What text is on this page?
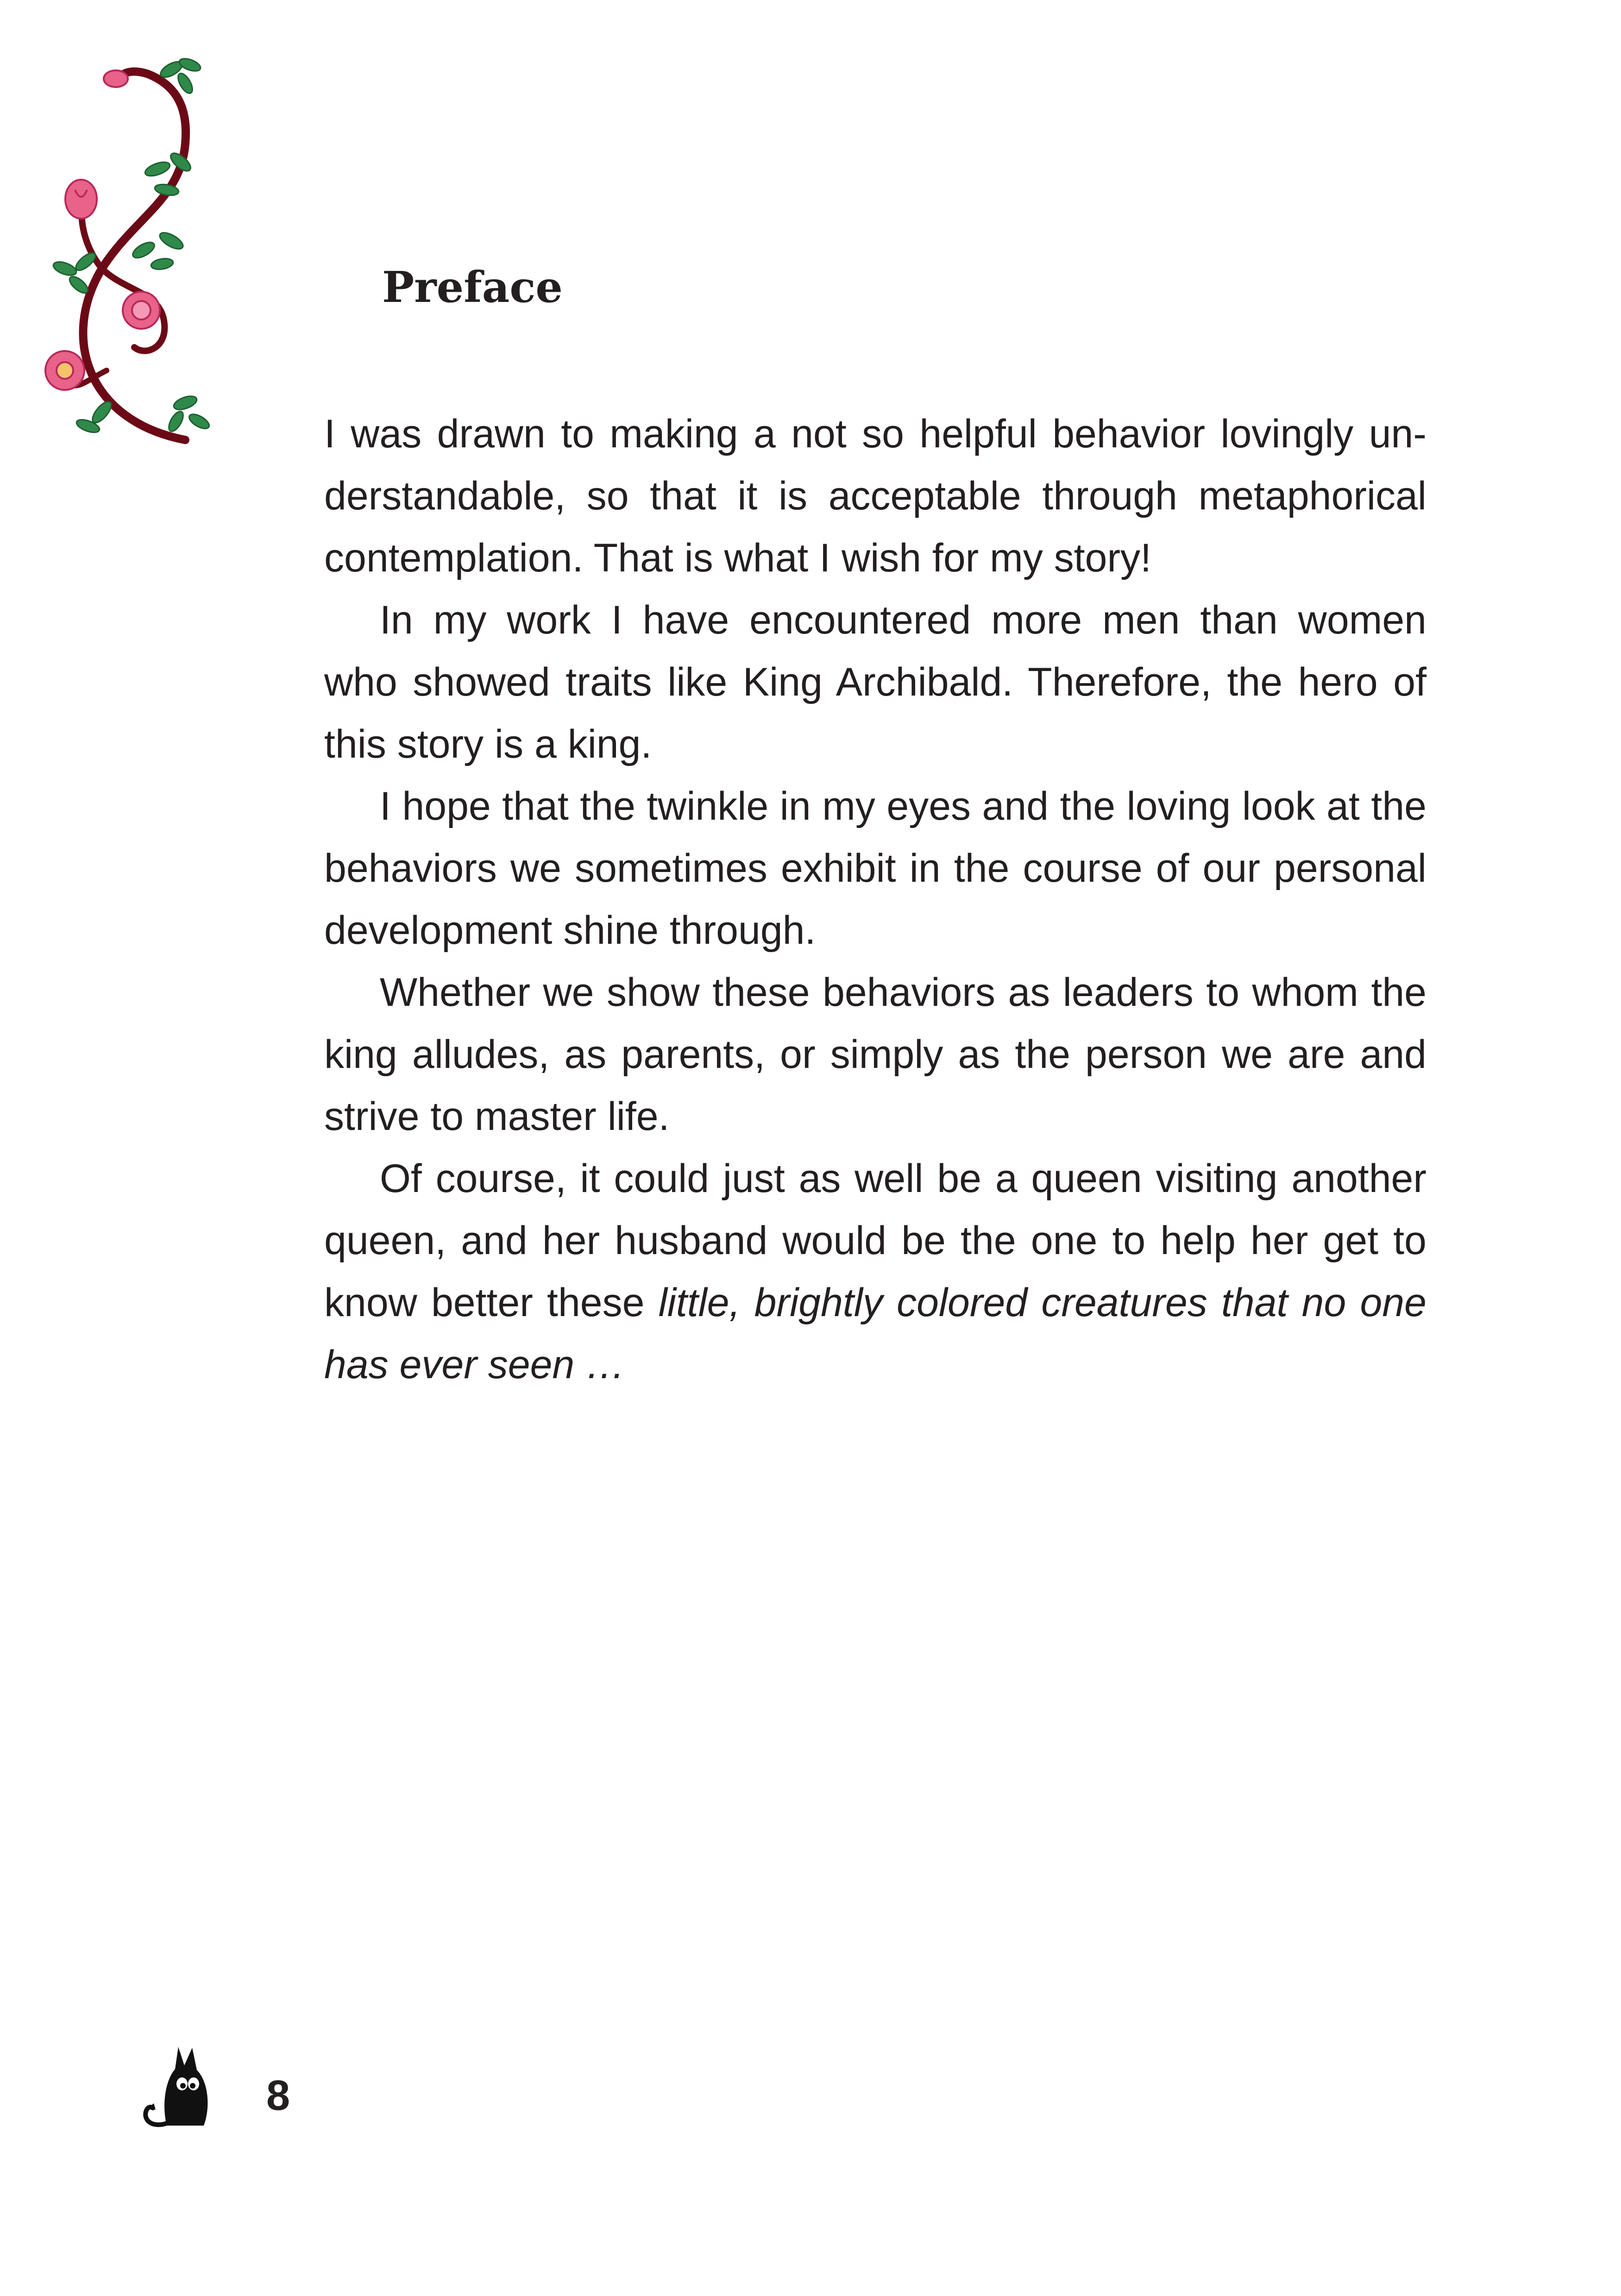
Preface

I was drawn to making a not so helpful behavior lovingly understandable, so that it is acceptable through metaphorical contemplation. That is what I wish for my story!

In my work I have encountered more men than women who showed traits like King Archibald. Therefore, the hero of this story is a king.

I hope that the twinkle in my eyes and the loving look at the behaviors we sometimes exhibit in the course of our personal development shine through.

Whether we show these behaviors as leaders to whom the king alludes, as parents, or simply as the person we are and strive to master life.

Of course, it could just as well be a queen visiting another queen, and her husband would be the one to help her get to know better these little, brightly colored creatures that no one has ever seen …

8
